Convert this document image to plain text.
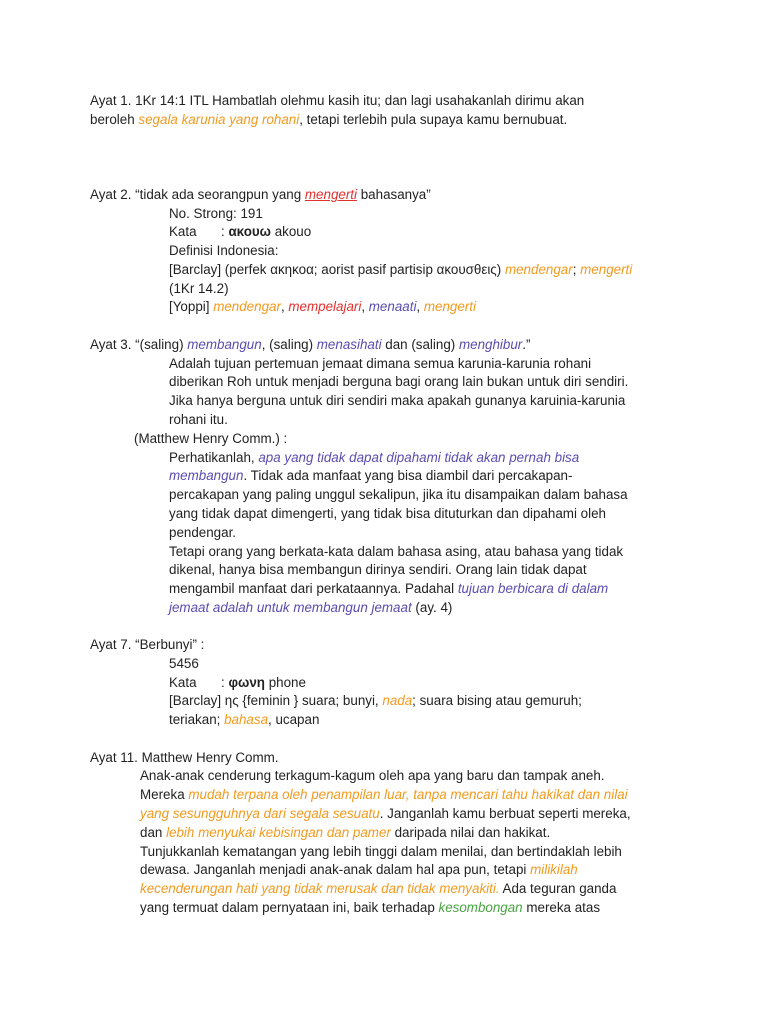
Ayat 1. 1Kr 14:1 ITL Hambatlah olehmu kasih itu; dan lagi usahakanlah dirimu akan
beroleh segala karunia yang rohani, tetapi terlebih pula supaya kamu bernubuat.
Ayat 2. “tidak ada seorangpun yang mengerti bahasanya”
No. Strong: 191
Kata : ακουω akouo
Definisi Indonesia:
[Barclay] (perfek ακηκοα; aorist pasif partisip ακουσθεις) mendengar; mengerti
(1Kr 14.2)
[Yoppi] mendengar, mempelajari, menaati, mengerti
Ayat 3. “(saling) membangun, (saling) menasihati dan (saling) menghibur.”
Adalah tujuan pertemuan jemaat dimana semua karunia-karunia rohani
diberikan Roh untuk menjadi berguna bagi orang lain bukan untuk diri sendiri.
Jika hanya berguna untuk diri sendiri maka apakah gunanya karuinia-karunia
rohani itu.
(Matthew Henry Comm.) :
Perhatikanlah, apa yang tidak dapat dipahami tidak akan pernah bisa
membangun. Tidak ada manfaat yang bisa diambil dari percakapan-
percakapan yang paling unggul sekalipun, jika itu disampaikan dalam bahasa
yang tidak dapat dimengerti, yang tidak bisa dituturkan dan dipahami oleh
pendengar.
Tetapi orang yang berkata-kata dalam bahasa asing, atau bahasa yang tidak
dikenal, hanya bisa membangun dirinya sendiri. Orang lain tidak dapat
mengambil manfaat dari perkataannya. Padahal tujuan berbicara di dalam
jemaat adalah untuk membangun jemaat (ay. 4)
Ayat 7. “Berbunyi” :
5456
Kata : φωνη phone
[Barclay] ης {feminin } suara; bunyi, nada; suara bising atau gemuruh;
teriakan; bahasa, ucapan
Ayat 11. Matthew Henry Comm.
Anak-anak cenderung terkagum-kagum oleh apa yang baru dan tampak aneh.
Mereka mudah terpana oleh penampilan luar, tanpa mencari tahu hakikat dan nilai
yang sesungguhnya dari segala sesuatu. Janganlah kamu berbuat seperti mereka,
dan lebih menyukai kebisingan dan pamer daripada nilai dan hakikat.
Tunjukkanlah kematangan yang lebih tinggi dalam menilai, dan bertindaklah lebih
dewasa. Janganlah menjadi anak-anak dalam hal apa pun, tetapi milikilah
kecenderungan hati yang tidak merusak dan tidak menyakiti. Ada teguran ganda
yang termuat dalam pernyataan ini, baik terhadap kesombongan mereka atas
